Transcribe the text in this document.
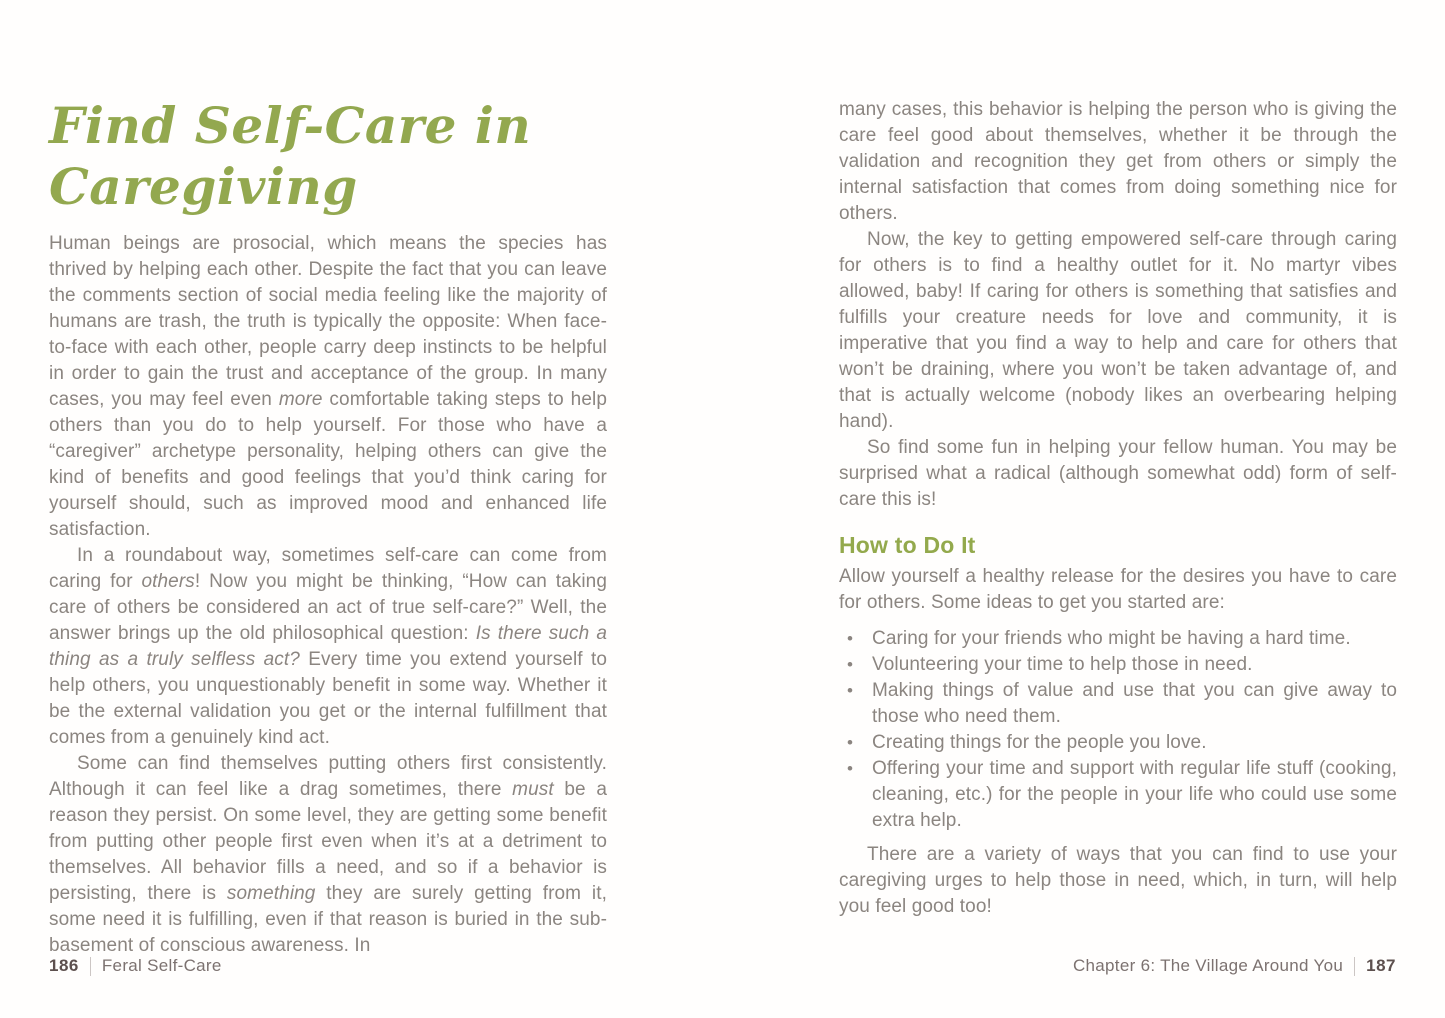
Find Self-Care in
Caregiving

Human beings are prosocial, which means the species has thrived by helping each other. Despite the fact that you can leave the comments section of social media feeling like the majority of humans are trash, the truth is typically the opposite: When face-to-face with each other, people carry deep instincts to be helpful in order to gain the trust and acceptance of the group. In many cases, you may feel even more comfortable taking steps to help others than you do to help yourself. For those who have a “caregiver” archetype personality, helping others can give the kind of benefits and good feelings that you’d think caring for yourself should, such as improved mood and enhanced life satisfaction.

In a roundabout way, sometimes self-care can come from caring for others! Now you might be thinking, “How can taking care of others be considered an act of true self-care?” Well, the answer brings up the old philosophical question: Is there such a thing as a truly selfless act? Every time you extend yourself to help others, you unquestionably benefit in some way. Whether it be the external validation you get or the internal fulfillment that comes from a genuinely kind act.

Some can find themselves putting others first consistently. Although it can feel like a drag sometimes, there must be a reason they persist. On some level, they are getting some benefit from putting other people first even when it’s at a detriment to themselves. All behavior fills a need, and so if a behavior is persisting, there is something they are surely getting from it, some need it is fulfilling, even if that reason is buried in the sub-basement of conscious awareness. In

many cases, this behavior is helping the person who is giving the care feel good about themselves, whether it be through the validation and recognition they get from others or simply the internal satisfaction that comes from doing something nice for others.

Now, the key to getting empowered self-care through caring for others is to find a healthy outlet for it. No martyr vibes allowed, baby! If caring for others is something that satisfies and fulfills your creature needs for love and community, it is imperative that you find a way to help and care for others that won’t be draining, where you won’t be taken advantage of, and that is actually welcome (nobody likes an overbearing helping hand).

So find some fun in helping your fellow human. You may be surprised what a radical (although somewhat odd) form of self-care this is!

How to Do It

Allow yourself a healthy release for the desires you have to care for others. Some ideas to get you started are:

• Caring for your friends who might be having a hard time.
• Volunteering your time to help those in need.
• Making things of value and use that you can give away to those who need them.
• Creating things for the people you love.
• Offering your time and support with regular life stuff (cooking, cleaning, etc.) for the people in your life who could use some extra help.

There are a variety of ways that you can find to use your caregiving urges to help those in need, which, in turn, will help you feel good too!

186 Feral Self-Care	Chapter 6: The Village Around You 187
